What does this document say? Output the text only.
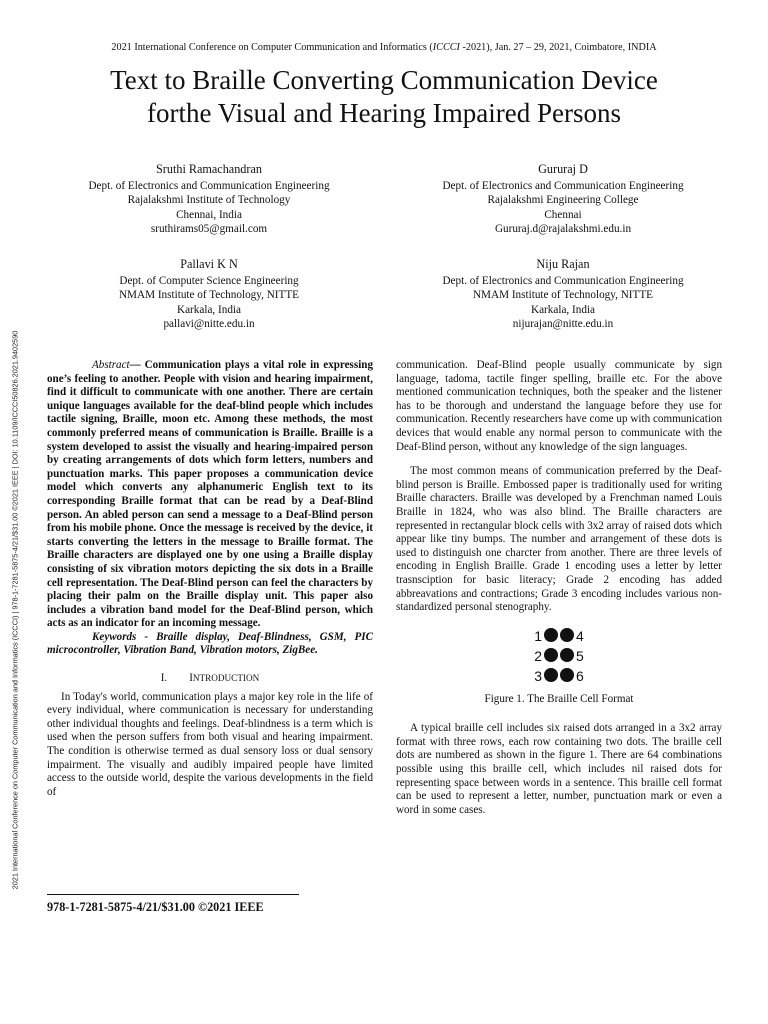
2021 International Conference on Computer Communication and Informatics (ICCCI -2021), Jan. 27 – 29, 2021, Coimbatore, INDIA
Text to Braille Converting Communication Device
forthe Visual and Hearing Impaired Persons
Sruthi Ramachandran
Dept. of Electronics and Communication Engineering
Rajalakshmi Institute of Technology
Chennai, India
sruthirams05@gmail.com
Gururaj D
Dept. of Electronics and Communication Engineering
Rajalakshmi Engineering College
Chennai
Gururaj.d@rajalakshmi.edu.in
Pallavi K N
Dept. of Computer Science Engineering
NMAM Institute of Technology, NITTE
Karkala, India
pallavi@nitte.edu.in
Niju Rajan
Dept. of Electronics and Communication Engineering
NMAM Institute of Technology, NITTE
Karkala, India
nijurajan@nitte.edu.in
2021 International Conference on Computer Communication and Informatics (ICCCI) | 978-1-7281-5875-4/21/$31.00 ©2021 IEEE | DOI: 10.1109/ICCCI50826.2021.9402590	Abstract— Communication plays a vital role in expressing one’s feeling to another. People with vision and hearing impairment, find it difficult to communicate with one another. There are certain unique languages available for the deaf-blind people which includes tactile signing, Braille, moon etc. Among these methods, the most commonly preferred means of communication is Braille. Braille is a system developed to assist the visually and hearing-impaired person by creating arrangements of dots which form letters, numbers and punctuation marks. This paper proposes a communication device model which converts any alphanumeric English text to its corresponding Braille format that can be read by a Deaf-Blind person. An abled person can send a message to a Deaf-Blind person from his mobile phone. Once the message is received by the device, it starts converting the letters in the message to Braille format. The Braille characters are displayed one by one using a Braille display consisting of six vibration motors depicting the six dots in a Braille cell representation. The Deaf-Blind person can feel the characters by placing their palm on the Braille display unit. This paper also includes a vibration band model for the Deaf-Blind person, which acts as an indicator for an incoming message.

Keywords - Braille display, Deaf-Blindness, GSM, PIC microcontroller, Vibration Band, Vibration motors, ZigBee.

I. INTRODUCTION

In Today's world, communication plays a major key role in the life of every individual, where communication is necessary for understanding other individual thoughts and feelings. Deaf-blindness is a term which is used when the person suffers from both visual and hearing impairment. The condition is otherwise termed as dual sensory loss or dual sensory impairment. The visually and audibly impaired people have limited access to the outside world, despite the various developments in the field of

communication. Deaf-Blind people usually communicate by sign language, tadoma, tactile finger spelling, braille etc. For the above mentioned communication techniques, both the speaker and the listener has to be thorough and understand the language before they use for communication. Recently researchers have come up with communication devices that would enable any normal person to communicate with the Deaf-Blind person, without any knowledge of the sign languages.

The most common means of communication preferred by the Deaf-blind person is Braille. Embossed paper is traditionally used for writing Braille characters. Braille was developed by a Frenchman named Louis Braille in 1824, who was also blind. The Braille characters are represented in rectangular block cells with 3x2 array of raised dots which appear like tiny bumps. The number and arrangement of these dots is used to distinguish one charcter from another. There are three levels of encoding in English Braille. Grade 1 encoding uses a letter by letter trasnsciption for basic literacy; Grade 2 encoding has added abbreavations and contractions; Grade 3 encoding includes various non-standardized personal stenography.

1			4
2			5
3			6
Figure 1. The Braille Cell Format

A typical braille cell includes six raised dots arranged in a 3x2 array format with three rows, each row containing two dots. The braille cell dots are numbered as shown in the figure 1. There are 64 combinations possible using this braille cell, which includes nil raised dots for representing space between words in a sentence. This braille cell format can be used to represent a letter, number, punctuation mark or even a word in some cases.

978-1-7281-5875-4/21/$31.00 ©2021 IEEE
